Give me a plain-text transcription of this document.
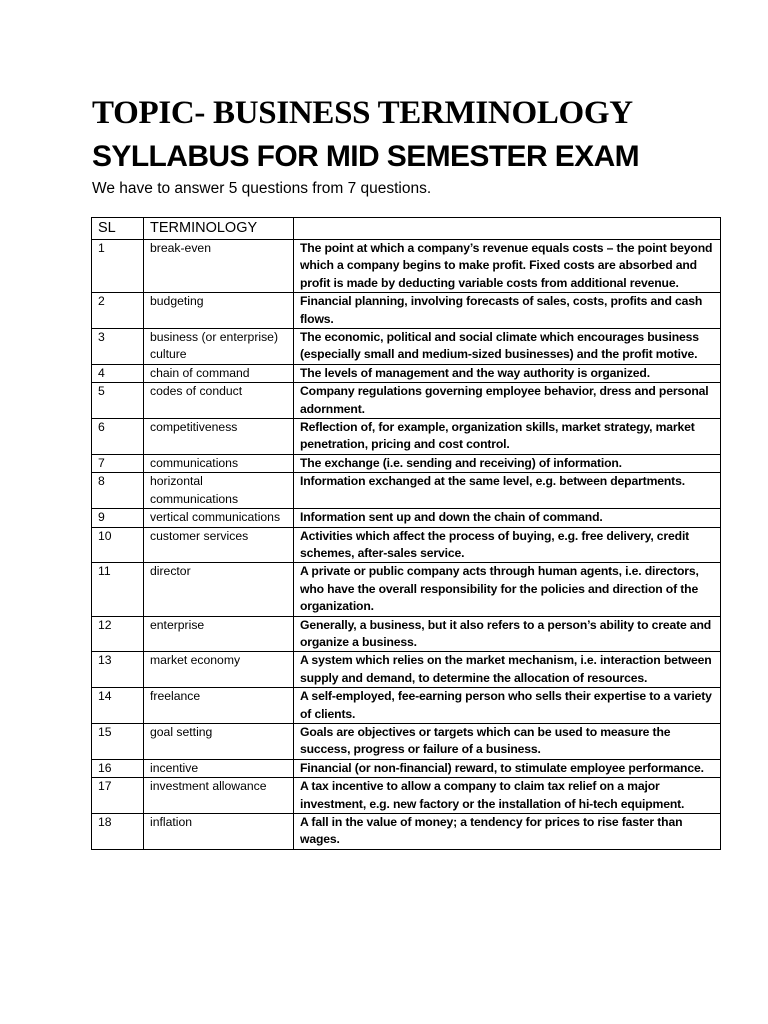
TOPIC- BUSINESS TERMINOLOGY
SYLLABUS FOR MID SEMESTER EXAM

We have to answer 5 questions from 7 questions.

SL	TERMINOLOGY	
1	break-even	The point at which a company’s revenue equals costs – the point beyond which a company begins to make profit. Fixed costs are absorbed and profit is made by deducting variable costs from additional revenue.
2	budgeting	Financial planning, involving forecasts of sales, costs, profits and cash flows.
3	business (or enterprise) culture	The economic, political and social climate which encourages business (especially small and medium-sized businesses) and the profit motive.
4	chain of command	The levels of management and the way authority is organized.
5	codes of conduct	Company regulations governing employee behavior, dress and personal adornment.
6	competitiveness	Reflection of, for example, organization skills, market strategy, market penetration, pricing and cost control.
7	communications	The exchange (i.e. sending and receiving) of information.
8	horizontal communications	Information exchanged at the same level, e.g. between departments.
9	vertical communications	Information sent up and down the chain of command.
10	customer services	Activities which affect the process of buying, e.g. free delivery, credit schemes, after-sales service.
11	director	A private or public company acts through human agents, i.e. directors, who have the overall responsibility for the policies and direction of the organization.
12	enterprise	Generally, a business, but it also refers to a person’s ability to create and organize a business.
13	market economy	A system which relies on the market mechanism, i.e. interaction between supply and demand, to determine the allocation of resources.
14	freelance	A self-employed, fee-earning person who sells their expertise to a variety of clients.
15	goal setting	Goals are objectives or targets which can be used to measure the success, progress or failure of a business.
16	incentive	Financial (or non-financial) reward, to stimulate employee performance.
17	investment allowance	A tax incentive to allow a company to claim tax relief on a major investment, e.g. new factory or the installation of hi-tech equipment.
18	inflation	A fall in the value of money; a tendency for prices to rise faster than wages.
